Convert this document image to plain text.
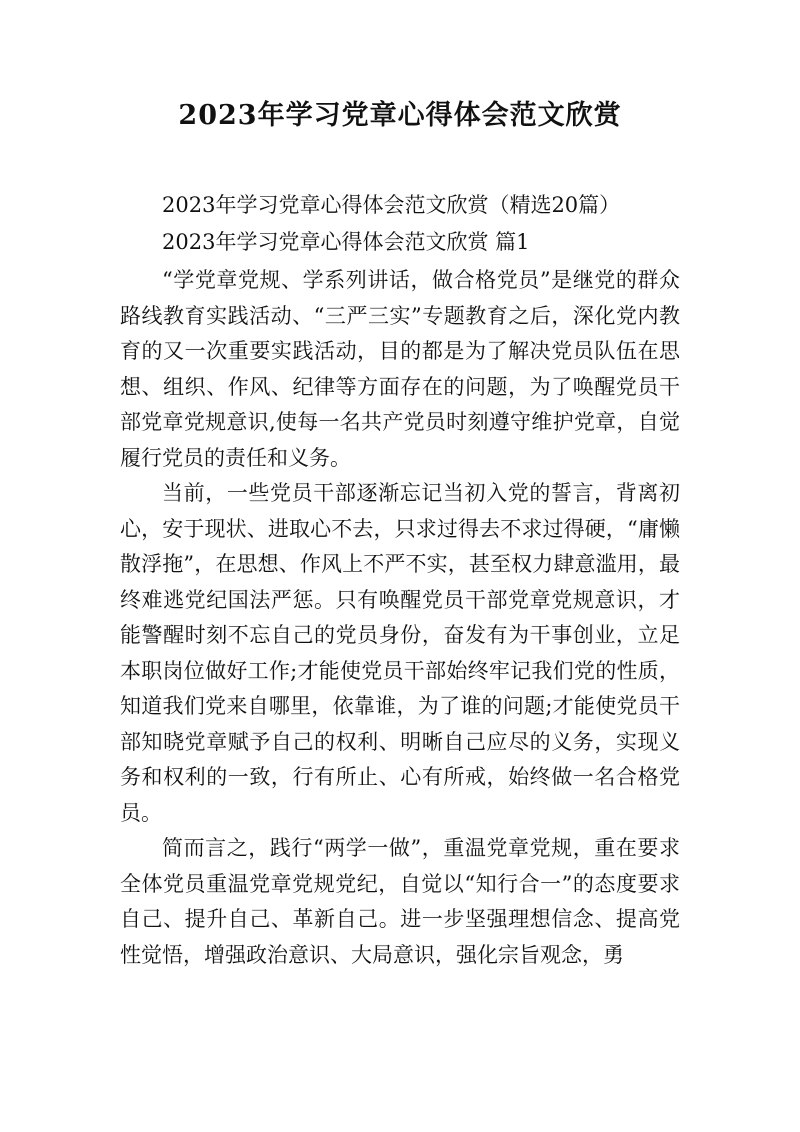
2023年学习党章心得体会范文欣赏
2023年学习党章心得体会范文欣赏（精选20篇）
2023年学习党章心得体会范文欣赏 篇1

“学党章党规、学系列讲话，做合格党员”是继党的群众路线教育实践活动、“三严三实”专题教育之后，深化党内教育的又一次重要实践活动，目的都是为了解决党员队伍在思想、组织、作风、纪律等方面存在的问题，为了唤醒党员干部党章党规意识,使每一名共产党员时刻遵守维护党章，自觉履行党员的责任和义务。

当前，一些党员干部逐渐忘记当初入党的誓言，背离初心，安于现状、进取心不去，只求过得去不求过得硬，“庸懒散浮拖”，在思想、作风上不严不实，甚至权力肆意滥用，最终难逃党纪国法严惩。只有唤醒党员干部党章党规意识，才能警醒时刻不忘自己的党员身份，奋发有为干事创业，立足本职岗位做好工作;才能使党员干部始终牢记我们党的性质，知道我们党来自哪里，依靠谁，为了谁的问题;才能使党员干部知晓党章赋予自己的权利、明晰自己应尽的义务，实现义务和权利的一致，行有所止、心有所戒，始终做一名合格党员。

简而言之，践行“两学一做”，重温党章党规，重在要求全体党员重温党章党规党纪，自觉以“知行合一”的态度要求自己、提升自己、革新自己。进一步坚强理想信念、提高党性觉悟，增强政治意识、大局意识，强化宗旨观念，勇
